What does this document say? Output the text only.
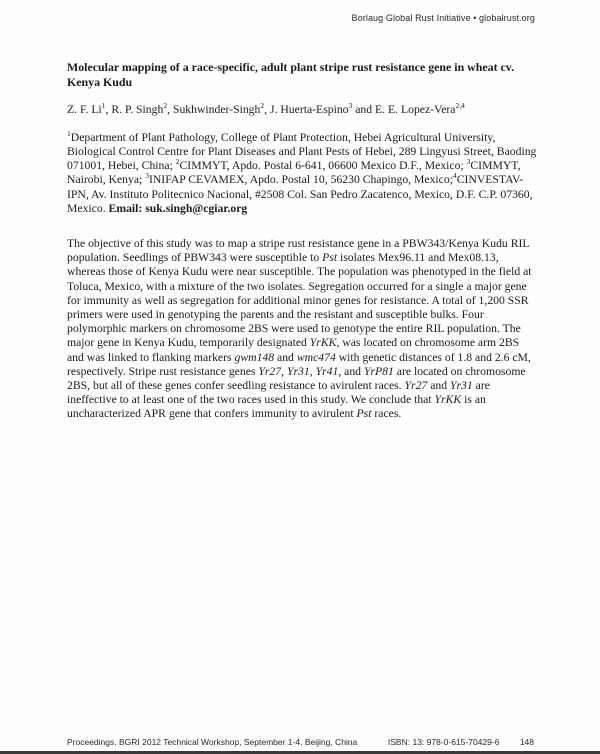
Borlaug Global Rust Initiative • globalrust.org
Molecular mapping of a race-specific, adult plant stripe rust resistance gene in wheat cv. Kenya Kudu

Z. F. Li$^1$, R. P. Singh$^2$, Sukhwinder-Singh$^2$, J. Huerta-Espino$^3$ and E. E. Lopez-Vera$^{2,4}$

$^1$Department of Plant Pathology, College of Plant Protection, Hebei Agricultural University, Biological Control Centre for Plant Diseases and Plant Pests of Hebei, 289 Lingyusi Street, Baoding 071001, Hebei, China; $^2$CIMMYT, Apdo. Postal 6-641, 06600 Mexico D.F., Mexico; $^3$CIMMYT, Nairobi, Kenya; $^3$INIFAP CEVAMEX, Apdo. Postal 10, 56230 Chapingo, Mexico;$^4$CINVESTAV-IPN, Av. Instituto Politecnico Nacional, #2508 Col. San Pedro Zacatenco, Mexico, D.F. C.P. 07360, Mexico. Email: suk.singh@cgiar.org

The objective of this study was to map a stripe rust resistance gene in a PBW343/Kenya Kudu RIL population. Seedlings of PBW343 were susceptible to Pst isolates Mex96.11 and Mex08.13, whereas those of Kenya Kudu were near susceptible. The population was phenotyped in the field at Toluca, Mexico, with a mixture of the two isolates. Segregation occurred for a single a major gene for immunity as well as segregation for additional minor genes for resistance. A total of 1,200 SSR primers were used in genotyping the parents and the resistant and susceptible bulks. Four polymorphic markers on chromosome 2BS were used to genotype the entire RIL population. The major gene in Kenya Kudu, temporarily designated YrKK, was located on chromosome arm 2BS and was linked to flanking markers gwm148 and wmc474 with genetic distances of 1.8 and 2.6 cM, respectively. Stripe rust resistance genes Yr27, Yr31, Yr41, and YrP81 are located on chromosome 2BS, but all of these genes confer seedling resistance to avirulent races. Yr27 and Yr31 are ineffective to at least one of the two races used in this study. We conclude that YrKK is an uncharacterized APR gene that confers immunity to avirulent Pst races.

Proceedings, BGRI 2012 Technical Workshop, September 1-4, Beijing, China	ISBN: 13: 978-0-615-70429-6 148
